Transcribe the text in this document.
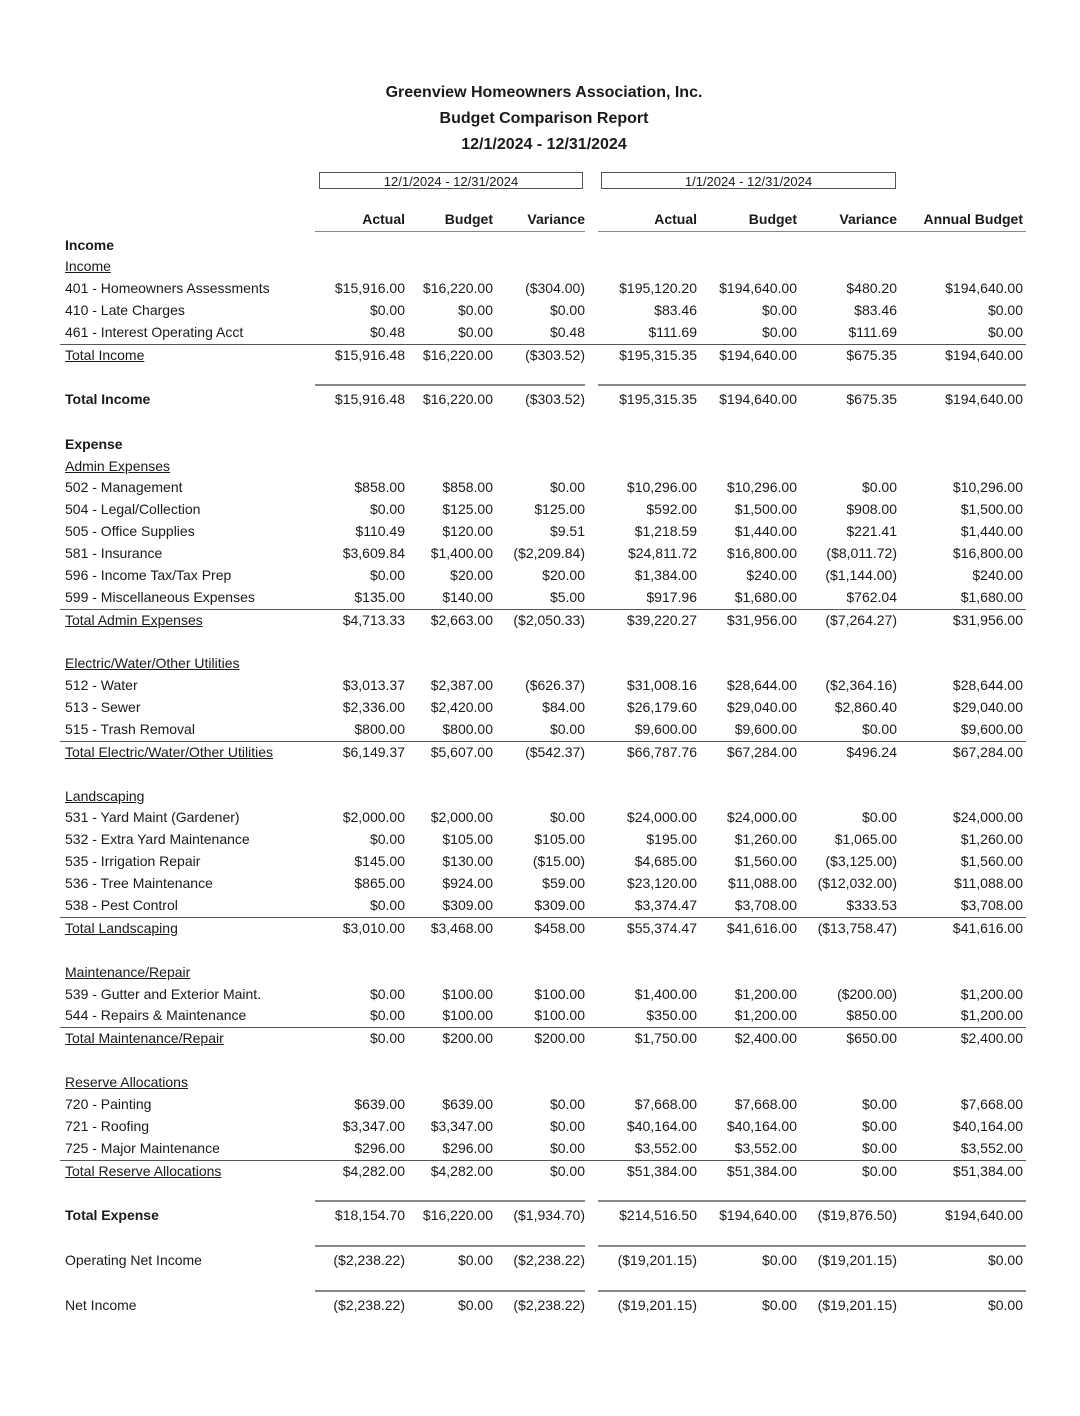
Greenview Homeowners Association, Inc.
Budget Comparison Report
12/1/2024 - 12/31/2024
12/1/2024 - 12/31/2024	1/1/2024 - 12/31/2024
Actual	Budget	Variance	Actual	Budget	Variance	Annual Budget
Income
Income
401 - Homeowners Assessments	$15,916.00	$16,220.00	($304.00)	$195,120.20	$194,640.00	$480.20	$194,640.00
410 - Late Charges	$0.00	$0.00	$0.00	$83.46	$0.00	$83.46	$0.00
461 - Interest Operating Acct	$0.48	$0.00	$0.48	$111.69	$0.00	$111.69	$0.00
Total Income	$15,916.48	$16,220.00	($303.52)	$195,315.35	$194,640.00	$675.35	$194,640.00
Total Income	$15,916.48	$16,220.00	($303.52)	$195,315.35	$194,640.00	$675.35	$194,640.00
Expense
Admin Expenses
502 - Management	$858.00	$858.00	$0.00	$10,296.00	$10,296.00	$0.00	$10,296.00
504 - Legal/Collection	$0.00	$125.00	$125.00	$592.00	$1,500.00	$908.00	$1,500.00
505 - Office Supplies	$110.49	$120.00	$9.51	$1,218.59	$1,440.00	$221.41	$1,440.00
581 - Insurance	$3,609.84	$1,400.00	($2,209.84)	$24,811.72	$16,800.00	($8,011.72)	$16,800.00
596 - Income Tax/Tax Prep	$0.00	$20.00	$20.00	$1,384.00	$240.00	($1,144.00)	$240.00
599 - Miscellaneous Expenses	$135.00	$140.00	$5.00	$917.96	$1,680.00	$762.04	$1,680.00
Total Admin Expenses	$4,713.33	$2,663.00	($2,050.33)	$39,220.27	$31,956.00	($7,264.27)	$31,956.00
Electric/Water/Other Utilities
512 - Water	$3,013.37	$2,387.00	($626.37)	$31,008.16	$28,644.00	($2,364.16)	$28,644.00
513 - Sewer	$2,336.00	$2,420.00	$84.00	$26,179.60	$29,040.00	$2,860.40	$29,040.00
515 - Trash Removal	$800.00	$800.00	$0.00	$9,600.00	$9,600.00	$0.00	$9,600.00
Total Electric/Water/Other Utilities	$6,149.37	$5,607.00	($542.37)	$66,787.76	$67,284.00	$496.24	$67,284.00
Landscaping
531 - Yard Maint (Gardener)	$2,000.00	$2,000.00	$0.00	$24,000.00	$24,000.00	$0.00	$24,000.00
532 - Extra Yard Maintenance	$0.00	$105.00	$105.00	$195.00	$1,260.00	$1,065.00	$1,260.00
535 - Irrigation Repair	$145.00	$130.00	($15.00)	$4,685.00	$1,560.00	($3,125.00)	$1,560.00
536 - Tree Maintenance	$865.00	$924.00	$59.00	$23,120.00	$11,088.00	($12,032.00)	$11,088.00
538 - Pest Control	$0.00	$309.00	$309.00	$3,374.47	$3,708.00	$333.53	$3,708.00
Total Landscaping	$3,010.00	$3,468.00	$458.00	$55,374.47	$41,616.00	($13,758.47)	$41,616.00
Maintenance/Repair
539 - Gutter and Exterior Maint.	$0.00	$100.00	$100.00	$1,400.00	$1,200.00	($200.00)	$1,200.00
544 - Repairs & Maintenance	$0.00	$100.00	$100.00	$350.00	$1,200.00	$850.00	$1,200.00
Total Maintenance/Repair	$0.00	$200.00	$200.00	$1,750.00	$2,400.00	$650.00	$2,400.00
Reserve Allocations
720 - Painting	$639.00	$639.00	$0.00	$7,668.00	$7,668.00	$0.00	$7,668.00
721 - Roofing	$3,347.00	$3,347.00	$0.00	$40,164.00	$40,164.00	$0.00	$40,164.00
725 - Major Maintenance	$296.00	$296.00	$0.00	$3,552.00	$3,552.00	$0.00	$3,552.00
Total Reserve Allocations	$4,282.00	$4,282.00	$0.00	$51,384.00	$51,384.00	$0.00	$51,384.00
Total Expense	$18,154.70	$16,220.00	($1,934.70)	$214,516.50	$194,640.00	($19,876.50)	$194,640.00
Operating Net Income	($2,238.22)	$0.00	($2,238.22)	($19,201.15)	$0.00	($19,201.15)	$0.00
Net Income	($2,238.22)	$0.00	($2,238.22)	($19,201.15)	$0.00	($19,201.15)	$0.00
